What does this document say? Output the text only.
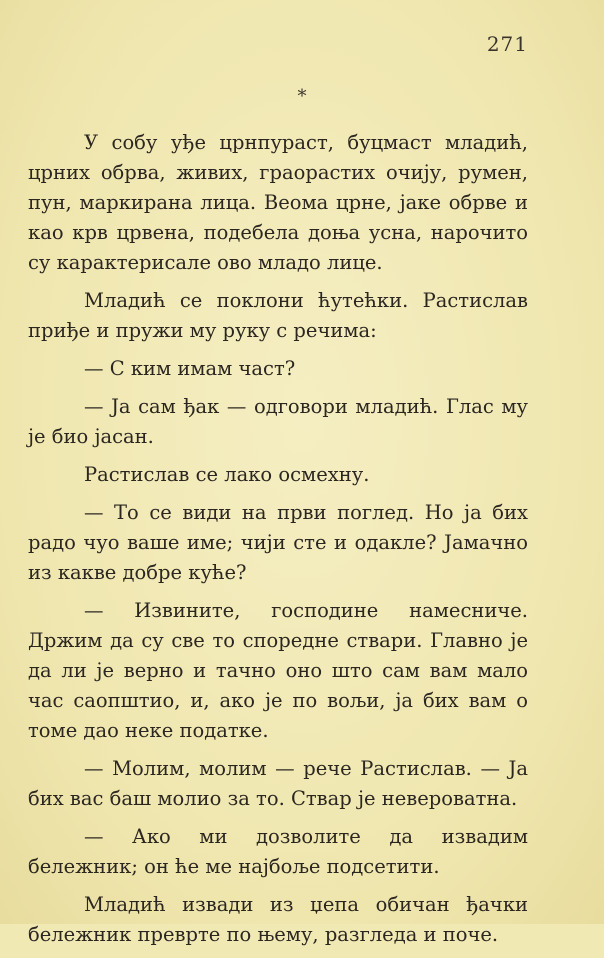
271
*

У собу уђе црнпураст, буцмаст младић, црних обрва, живих, граорастих очију, румен, пун, маркирана лица. Веома црне, јаке обрве и као крв црвена, подебела доња усна, нарочито су карактерисале ово младо лице.

Младић се поклони ћутећки. Растислав приђе и пружи му руку с речима:

— С ким имам част?

— Ја сам ђак — одговори младић. Глас му је био јасан.

Растислав се лако осмехну.

— То се види на први поглед. Но ја бих радо чуо ваше име; чији сте и одакле? Јамачно из какве добре куће?

— Извините, господине намесниче. Држим да су све то споредне ствари. Главно је да ли је верно и тачно оно што сам вам мало час саопштио, и, ако је по вољи, ја бих вам о томе дао неке податке.

— Молим, молим — рече Растислав. — Ја бих вас баш молио за то. Ствар је невероватна.

— Ако ми дозволите да извадим бележник; он ће ме најбоље подсетити.

Младић извади из џепа обичан ђачки бележник преврте по њему, разгледа и поче.
